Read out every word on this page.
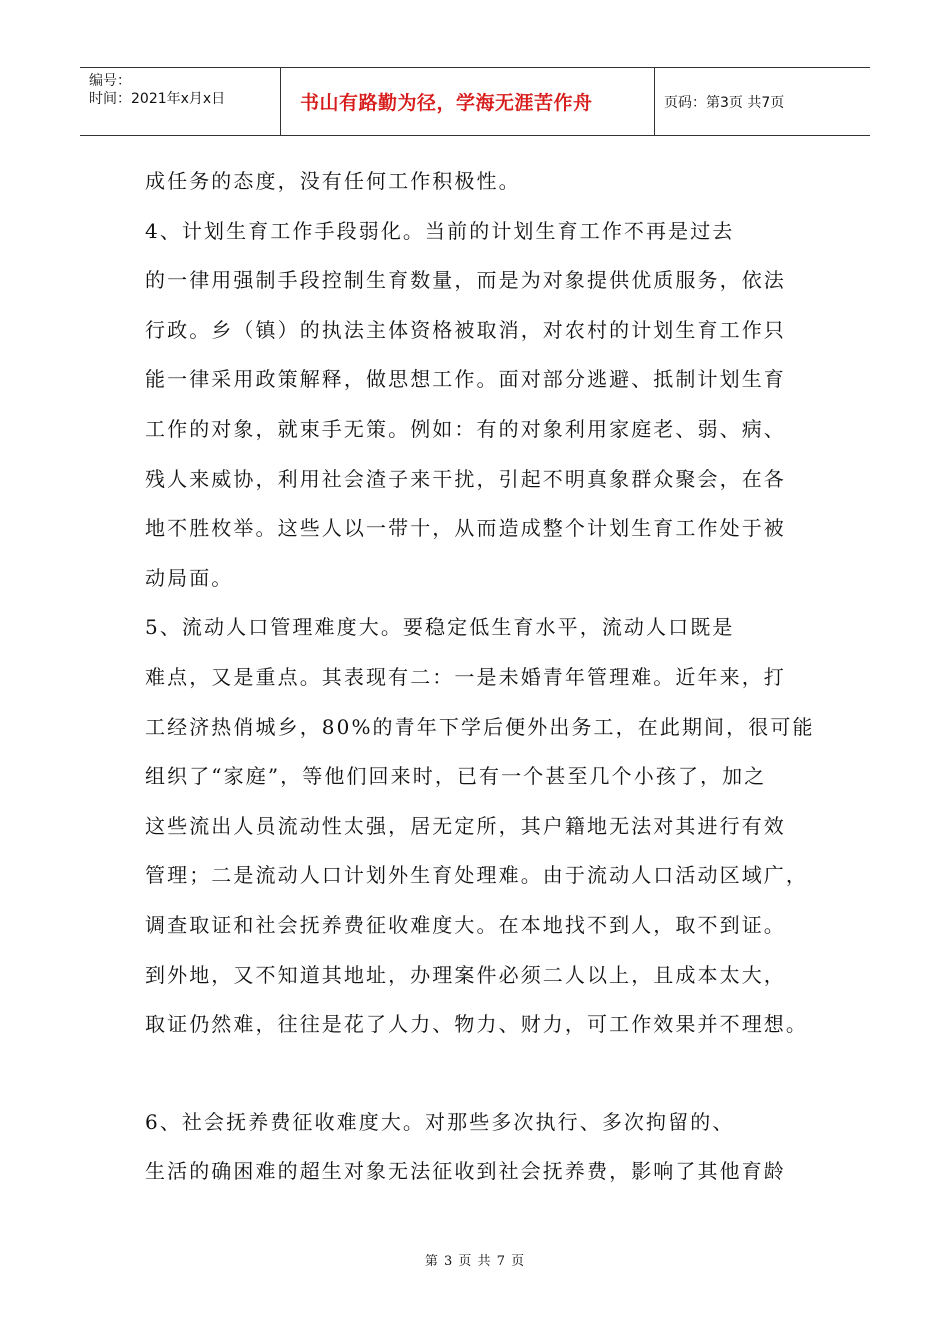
编号：
时间：2021年x月x日	书山有路勤为径，学海无涯苦作舟	页码：第3页 共7页

成任务的态度，没有任何工作积极性。

4、计划生育工作手段弱化。当前的计划生育工作不再是过去

的一律用强制手段控制生育数量，而是为对象提供优质服务，依法

行政。乡（镇）的执法主体资格被取消，对农村的计划生育工作只

能一律采用政策解释，做思想工作。面对部分逃避、抵制计划生育

工作的对象，就束手无策。例如：有的对象利用家庭老、弱、病、

残人来威协，利用社会渣子来干扰，引起不明真象群众聚会，在各

地不胜枚举。这些人以一带十，从而造成整个计划生育工作处于被

动局面。

5、流动人口管理难度大。要稳定低生育水平，流动人口既是

难点，又是重点。其表现有二：一是未婚青年管理难。近年来，打

工经济热俏城乡，80%的青年下学后便外出务工，在此期间，很可能

组织了“家庭”，等他们回来时，已有一个甚至几个小孩了，加之

这些流出人员流动性太强，居无定所，其户籍地无法对其进行有效

管理；二是流动人口计划外生育处理难。由于流动人口活动区域广，

调查取证和社会抚养费征收难度大。在本地找不到人，取不到证。

到外地，又不知道其地址，办理案件必须二人以上，且成本太大，

取证仍然难，往往是花了人力、物力、财力，可工作效果并不理想。

6、社会抚养费征收难度大。对那些多次执行、多次拘留的、

生活的确困难的超生对象无法征收到社会抚养费，影响了其他育龄

第 3 页 共 7 页
